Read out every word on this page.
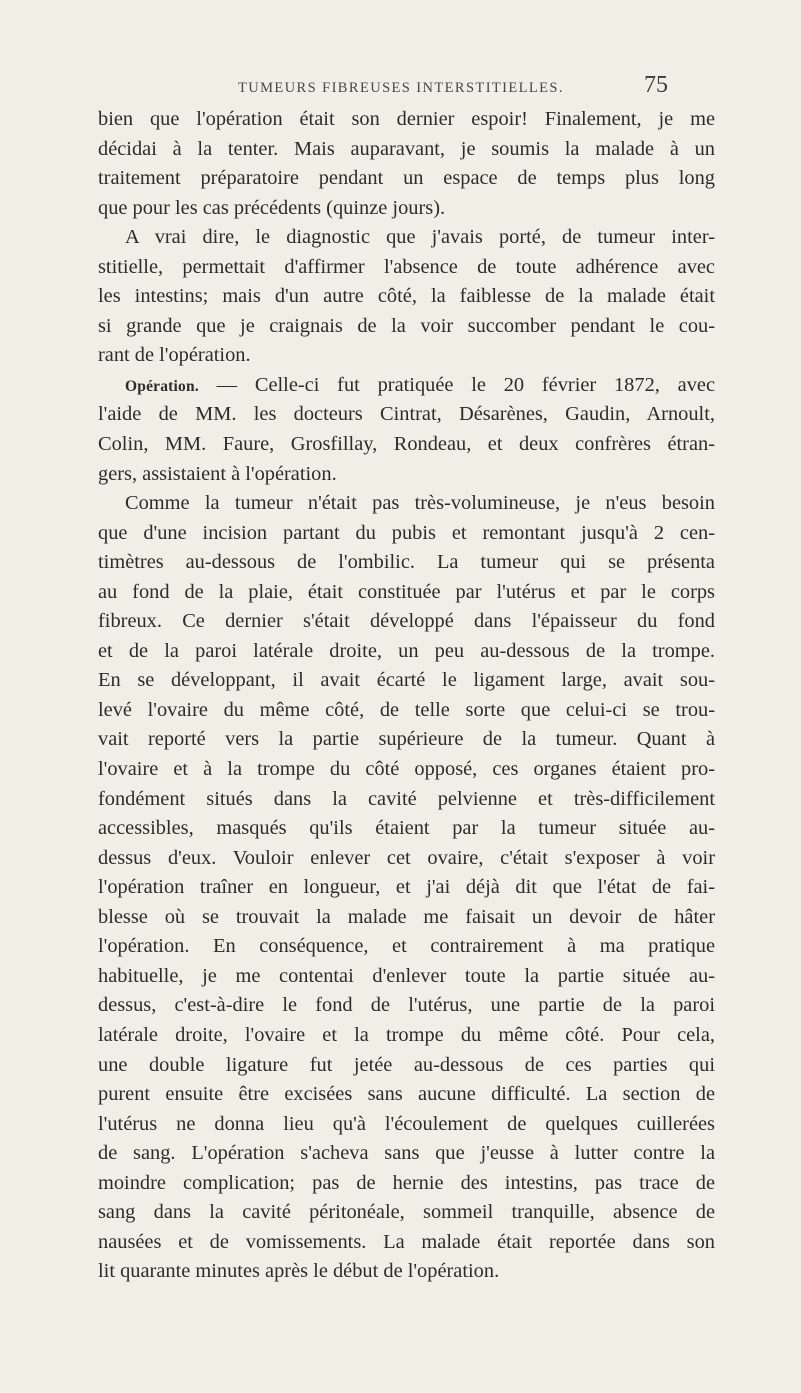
TUMEURS FIBREUSES INTERSTITIELLES.	75
bien que l'opération était son dernier espoir! Finalement, je me
décidai à la tenter. Mais auparavant, je soumis la malade à un
traitement préparatoire pendant un espace de temps plus long
que pour les cas précédents (quinze jours).
A vrai dire, le diagnostic que j'avais porté, de tumeur inter-
stitielle, permettait d'affirmer l'absence de toute adhérence avec
les intestins; mais d'un autre côté, la faiblesse de la malade était
si grande que je craignais de la voir succomber pendant le cou-
rant de l'opération.
Opération. — Celle-ci fut pratiquée le 20 février 1872, avec
l'aide de MM. les docteurs Cintrat, Désarènes, Gaudin, Arnoult,
Colin, MM. Faure, Grosfillay, Rondeau, et deux confrères étran-
gers, assistaient à l'opération.
Comme la tumeur n'était pas très-volumineuse, je n'eus besoin
que d'une incision partant du pubis et remontant jusqu'à 2 cen-
timètres au-dessous de l'ombilic. La tumeur qui se présenta
au fond de la plaie, était constituée par l'utérus et par le corps
fibreux. Ce dernier s'était développé dans l'épaisseur du fond
et de la paroi latérale droite, un peu au-dessous de la trompe.
En se développant, il avait écarté le ligament large, avait sou-
levé l'ovaire du même côté, de telle sorte que celui-ci se trou-
vait reporté vers la partie supérieure de la tumeur. Quant à
l'ovaire et à la trompe du côté opposé, ces organes étaient pro-
fondément situés dans la cavité pelvienne et très-difficilement
accessibles, masqués qu'ils étaient par la tumeur située au-
dessus d'eux. Vouloir enlever cet ovaire, c'était s'exposer à voir
l'opération traîner en longueur, et j'ai déjà dit que l'état de fai-
blesse où se trouvait la malade me faisait un devoir de hâter
l'opération. En conséquence, et contrairement à ma pratique
habituelle, je me contentai d'enlever toute la partie située au-
dessus, c'est-à-dire le fond de l'utérus, une partie de la paroi
latérale droite, l'ovaire et la trompe du même côté. Pour cela,
une double ligature fut jetée au-dessous de ces parties qui
purent ensuite être excisées sans aucune difficulté. La section de
l'utérus ne donna lieu qu'à l'écoulement de quelques cuillerées
de sang. L'opération s'acheva sans que j'eusse à lutter contre la
moindre complication; pas de hernie des intestins, pas trace de
sang dans la cavité péritonéale, sommeil tranquille, absence de
nausées et de vomissements. La malade était reportée dans son
lit quarante minutes après le début de l'opération.
